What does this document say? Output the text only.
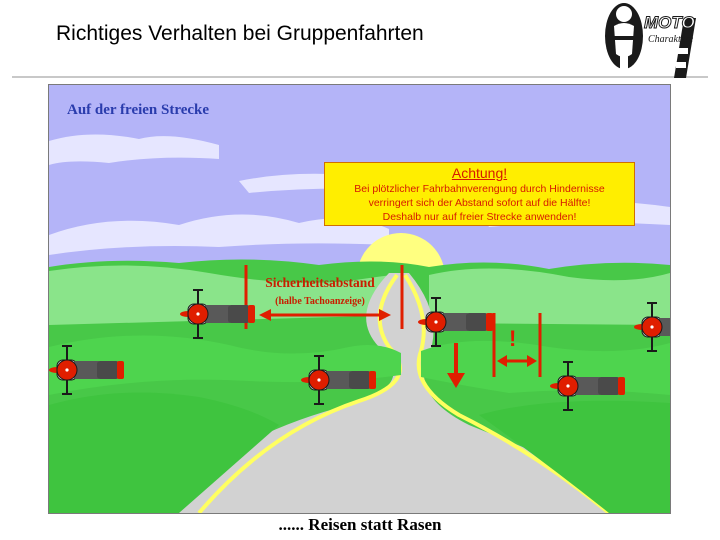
Richtiges Verhalten bei Gruppenfahrten	MOTO
Charaktere
Auf der freien Strecke
Achtung!
Bei plötzlicher Fahrbahnverengung durch Hindernisse
verringert sich der Abstand sofort auf die Hälfte!
Deshalb nur auf freier Strecke anwenden!
Sicherheitsabstand
(halbe Tachoanzeige)
!
...... Reisen statt Rasen
